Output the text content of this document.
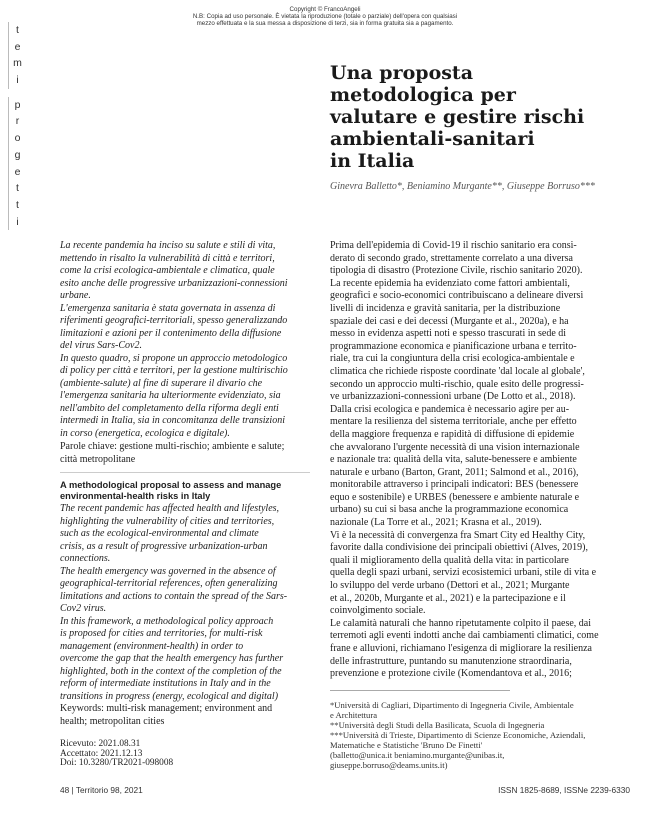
Copyright © FrancoAngeli
N.B: Copia ad uso personale. È vietata la riproduzione (totale o parziale) dell'opera con qualsiasi
mezzo effettuata e la sua messa a disposizione di terzi, sia in forma gratuita sia a pagamento.
t
e
m
i
p
r
o
g
e
t
t
i
Una proposta
metodologica per
valutare e gestire rischi
ambientali-sanitari
in Italia
Ginevra Balletto*, Beniamino Murgante**, Giuseppe Borruso***
La recente pandemia ha inciso su salute e stili di vita,
mettendo in risalto la vulnerabilità di città e territori,
come la crisi ecologica-ambientale e climatica, quale
esito anche delle progressive urbanizzazioni-connessioni
urbane.
L'emergenza sanitaria è stata governata in assenza di
riferimenti geografici-territoriali, spesso generalizzando
limitazioni e azioni per il contenimento della diffusione
del virus Sars-Cov2.
In questo quadro, si propone un approccio metodologico
di policy per città e territori, per la gestione multirischio
(ambiente-salute) al fine di superare il divario che
l'emergenza sanitaria ha ulteriormente evidenziato, sia
nell'ambito del completamento della riforma degli enti
intermedi in Italia, sia in concomitanza delle transizioni
in corso (energetica, ecologica e digitale).
Parole chiave: gestione multi-rischio; ambiente e salute;
città metropolitane
A methodological proposal to assess and manage
environmental-health risks in Italy
The recent pandemic has affected health and lifestyles,
highlighting the vulnerability of cities and territories,
such as the ecological-environmental and climate
crisis, as a result of progressive urbanization-urban
connections.
The health emergency was governed in the absence of
geographical-territorial references, often generalizing
limitations and actions to contain the spread of the Sars-
Cov2 virus.
In this framework, a methodological policy approach
is proposed for cities and territories, for multi-risk
management (environment-health) in order to
overcome the gap that the health emergency has further
highlighted, both in the context of the completion of the
reform of intermediate institutions in Italy and in the
transitions in progress (energy, ecological and digital)
Keywords: multi-risk management; environment and
health; metropolitan cities
Ricevuto: 2021.08.31
Accettato: 2021.12.13
Doi: 10.3280/TR2021-098008
Prima dell'epidemia di Covid-19 il rischio sanitario era consi-
derato di secondo grado, strettamente correlato a una diversa
tipologia di disastro (Protezione Civile, rischio sanitario 2020).
La recente epidemia ha evidenziato come fattori ambientali,
geografici e socio-economici contribuiscano a delineare diversi
livelli di incidenza e gravità sanitaria, per la distribuzione
spaziale dei casi e dei decessi (Murgante et al., 2020a), e ha
messo in evidenza aspetti noti e spesso trascurati in sede di
programmazione economica e pianificazione urbana e territo-
riale, tra cui la congiuntura della crisi ecologica-ambientale e
climatica che richiede risposte coordinate 'dal locale al globale',
secondo un approccio multi-rischio, quale esito delle progressi-
ve urbanizzazioni-connessioni urbane (De Lotto et al., 2018).
Dalla crisi ecologica e pandemica è necessario agire per au-
mentare la resilienza del sistema territoriale, anche per effetto
della maggiore frequenza e rapidità di diffusione di epidemie
che avvalorano l'urgente necessità di una vision internazionale
e nazionale tra: qualità della vita, salute-benessere e ambiente
naturale e urbano (Barton, Grant, 2011; Salmond et al., 2016),
monitorabile attraverso i principali indicatori: BES (benessere
equo e sostenibile) e URBES (benessere e ambiente naturale e
urbano) su cui si basa anche la programmazione economica
nazionale (La Torre et al., 2021; Krasna et al., 2019).
Vi è la necessità di convergenza fra Smart City ed Healthy City,
favorite dalla condivisione dei principali obiettivi (Alves, 2019),
quali il miglioramento della qualità della vita: in particolare
quella degli spazi urbani, servizi ecosistemici urbani, stile di vita e
lo sviluppo del verde urbano (Dettori et al., 2021; Murgante
et al., 2020b, Murgante et al., 2021) e la partecipazione e il
coinvolgimento sociale.
Le calamità naturali che hanno ripetutamente colpito il paese, dai
terremoti agli eventi indotti anche dai cambiamenti climatici, come
frane e alluvioni, richiamano l'esigenza di migliorare la resilienza
delle infrastrutture, puntando su manutenzione straordinaria,
prevenzione e protezione civile (Komendantova et al., 2016;
*Università di Cagliari, Dipartimento di Ingegneria Civile, Ambientale
e Architettura
**Università degli Studi della Basilicata, Scuola di Ingegneria
***Università di Trieste, Dipartimento di Scienze Economiche, Aziendali,
Matematiche e Statistiche 'Bruno De Finetti'
(balletto@unica.it beniamino.murgante@unibas.it,
giuseppe.borruso@deams.units.it)
48 | Territorio 98, 2021	ISSN 1825-8689, ISSNe 2239-6330
